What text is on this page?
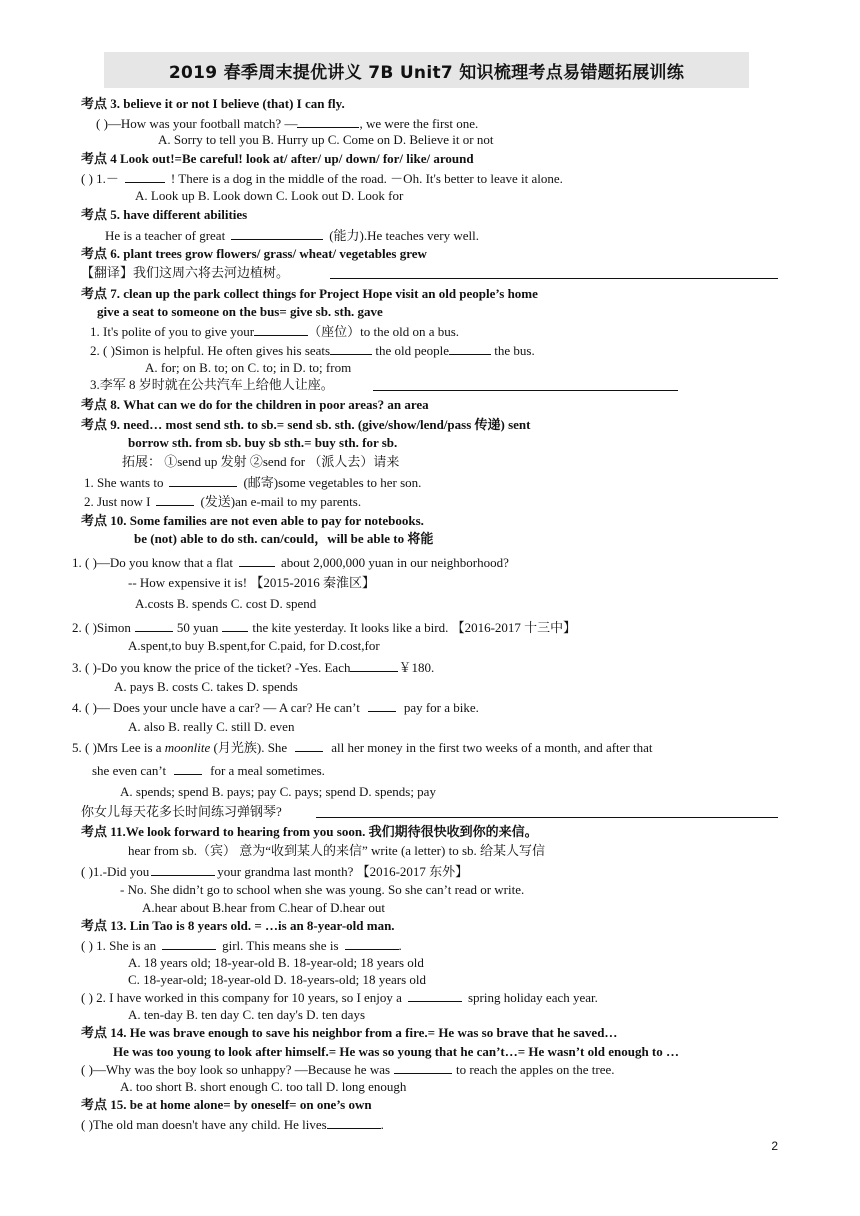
2019 春季周末提优讲义 7B Unit7 知识梳理考点易错题拓展训练
考点 3. believe it or not I believe (that) I can fly.
( )—How was your football match? —	, we were the first one.
A. Sorry to tell you B. Hurry up C. Come on D. Believe it or not
考点 4 Look out!=Be careful! look at/ after/ up/ down/ for/ like/ around
( ) 1.－	! There is a dog in the middle of the road. －Oh. It's better to leave it alone.
A. Look up B. Look down C. Look out D. Look for
考点 5. have different abilities
He is a teacher of great	(能力).He teaches very well.
考点 6. plant trees grow flowers/ grass/ wheat/ vegetables grew
【翻译】我们这周六将去河边植树。
考点 7. clean up the park collect things for Project Hope visit an old people’s home
give a seat to someone on the bus= give sb. sth. gave
1. It's polite of you to give your	（座位）to the old on a bus.
2. ( )Simon is helpful. He often gives his seats	the old people	the bus.
A. for; on B. to; on C. to; in D. to; from
3.李军 8 岁时就在公共汽车上给他人让座。
考点 8. What can we do for the children in poor areas? an area
考点 9. need… most send sth. to sb.= send sb. sth. (give/show/lend/pass 传递) sent
borrow sth. from sb. buy sb sth.= buy sth. for sb.
拓展： ①send up 发射 ②send for （派人去）请来
1. She wants to	(邮寄)some vegetables to her son.
2. Just now I	(发送)an e-mail to my parents.
考点 10. Some families are not even able to pay for notebooks.
be (not) able to do sth. can/could，will be able to 将能
1. ( )—Do you know that a flat	about 2,000,000 yuan in our neighborhood?
-- How expensive it is! 【2015-2016 秦淮区】
A.costs B. spends C. cost D. spend
2. ( )Simon	50 yuan	the kite yesterday. It looks like a bird. 【2016-2017 十三中】
A.spent,to buy B.spent,for C.paid, for D.cost,for
3. ( )-Do you know the price of the ticket? -Yes. Each	￥180.
A. pays B. costs C. takes D. spends
4. ( )— Does your uncle have a car? — A car? He can’t	pay for a bike.
A. also B. really C. still D. even
5. ( )Mrs Lee is a moonlite (月光族). She	all her money in the first two weeks of a month, and after that
she even can’t	for a meal sometimes.
A. spends; spend B. pays; pay C. pays; spend D. spends; pay
你女儿每天花多长时间练习弹钢琴?
考点 11.We look forward to hearing from you soon. 我们期待很快收到你的来信。
hear from sb.（宾） 意为“收到某人的来信” write (a letter) to sb. 给某人写信
( )1.-Did you	your grandma last month? 【2016-2017 东外】
- No. She didn’t go to school when she was young. So she can’t read or write.
A.hear about B.hear from C.hear of D.hear out
考点 13. Lin Tao is 8 years old. = …is an 8-year-old man.
( ) 1. She is an	girl. This means she is	.
A. 18 years old; 18-year-old B. 18-year-old; 18 years old
C. 18-year-old; 18-year-old D. 18-years-old; 18 years old
( ) 2. I have worked in this company for 10 years, so I enjoy a	spring holiday each year.
A. ten-day B. ten day C. ten day's D. ten days
考点 14. He was brave enough to save his neighbor from a fire.= He was so brave that he saved…
He was too young to look after himself.= He was so young that he can’t…= He wasn’t old enough to …
( )—Why was the boy look so unhappy? —Because he was	to reach the apples on the tree.
A. too short B. short enough C. too tall D. long enough
考点 15. be at home alone= by oneself= on one’s own
( )The old man doesn't have any child. He lives	.
2
